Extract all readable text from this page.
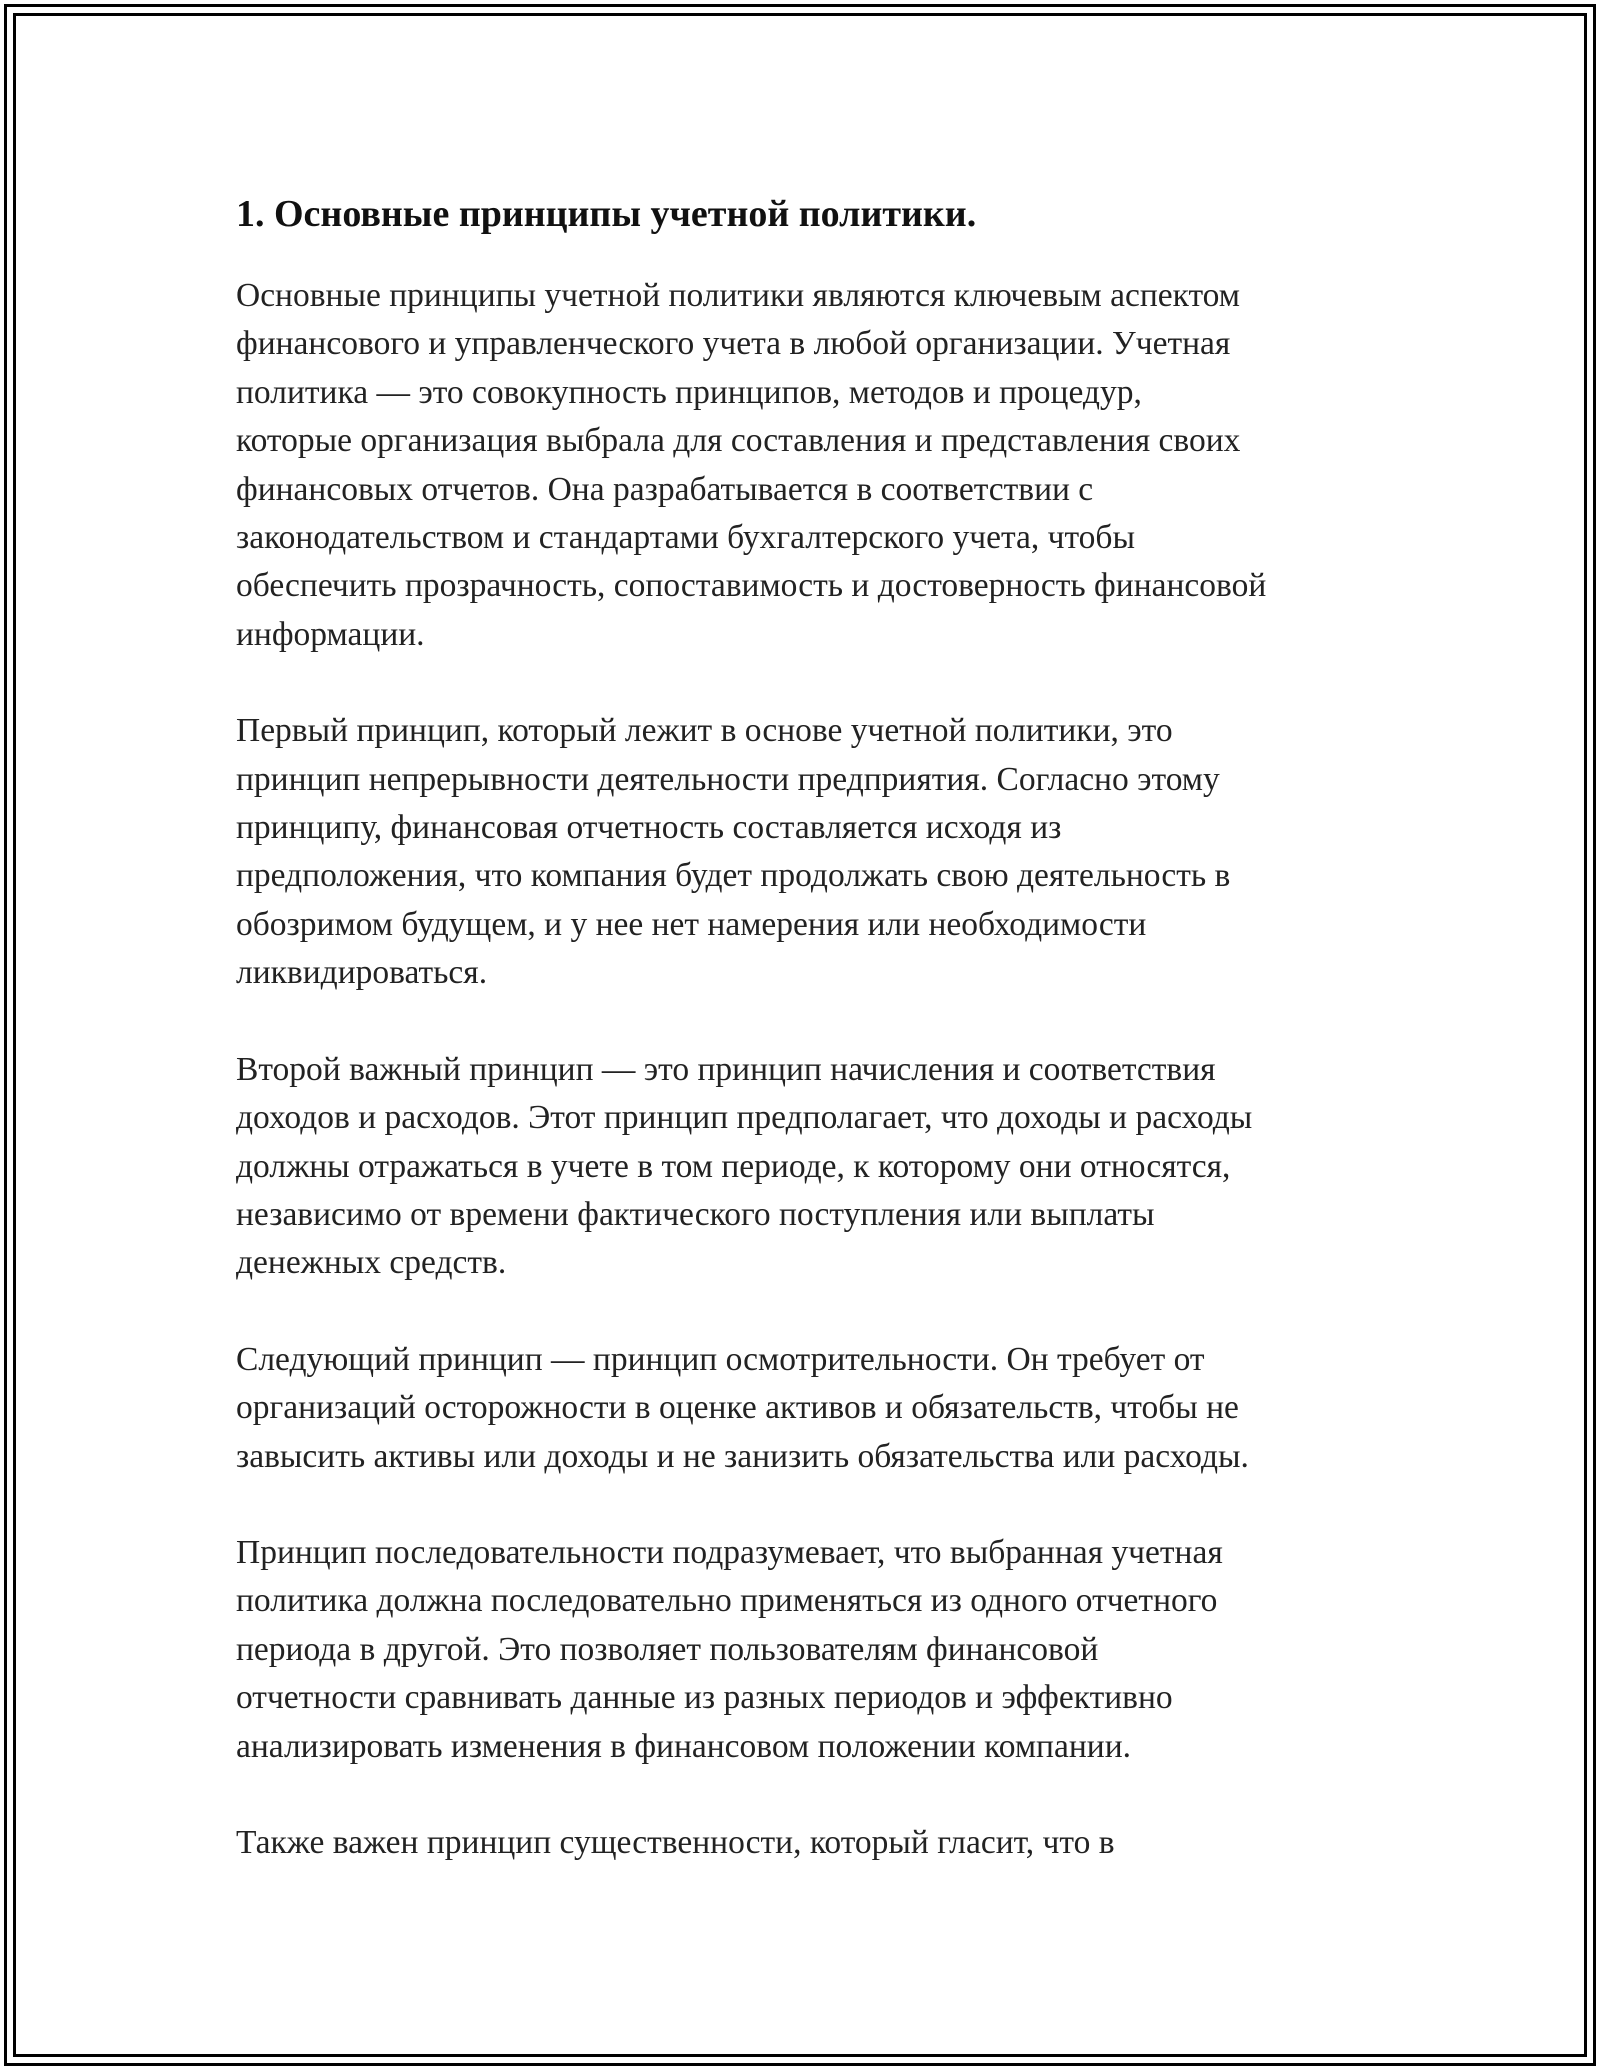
1. Основные принципы учетной политики.

Основные принципы учетной политики являются ключевым аспектом
финансового и управленческого учета в любой организации. Учетная
политика — это совокупность принципов, методов и процедур,
которые организация выбрала для составления и представления своих
финансовых отчетов. Она разрабатывается в соответствии с
законодательством и стандартами бухгалтерского учета, чтобы
обеспечить прозрачность, сопоставимость и достоверность финансовой
информации.

Первый принцип, который лежит в основе учетной политики, это
принцип непрерывности деятельности предприятия. Согласно этому
принципу, финансовая отчетность составляется исходя из
предположения, что компания будет продолжать свою деятельность в
обозримом будущем, и у нее нет намерения или необходимости
ликвидироваться.

Второй важный принцип — это принцип начисления и соответствия
доходов и расходов. Этот принцип предполагает, что доходы и расходы
должны отражаться в учете в том периоде, к которому они относятся,
независимо от времени фактического поступления или выплаты
денежных средств.

Следующий принцип — принцип осмотрительности. Он требует от
организаций осторожности в оценке активов и обязательств, чтобы не
завысить активы или доходы и не занизить обязательства или расходы.

Принцип последовательности подразумевает, что выбранная учетная
политика должна последовательно применяться из одного отчетного
периода в другой. Это позволяет пользователям финансовой
отчетности сравнивать данные из разных периодов и эффективно
анализировать изменения в финансовом положении компании.

Также важен принцип существенности, который гласит, что в
